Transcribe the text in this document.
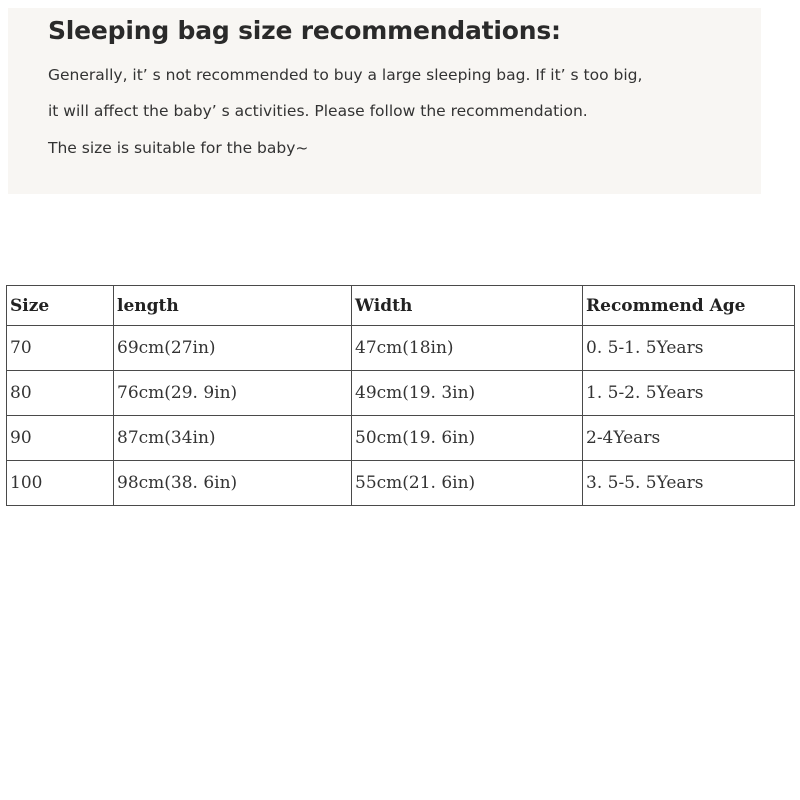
Sleeping bag size recommendations:

Generally, it’ s not recommended to buy a large sleeping bag. If it’ s too big,

it will affect the baby’ s activities. Please follow the recommendation.

The size is suitable for the baby~

Size	length	Width	Recommend Age
70	69cm(27in)	47cm(18in)	0. 5-1. 5Years
80	76cm(29. 9in)	49cm(19. 3in)	1. 5-2. 5Years
90	87cm(34in)	50cm(19. 6in)	2-4Years
100	98cm(38. 6in)	55cm(21. 6in)	3. 5-5. 5Years
